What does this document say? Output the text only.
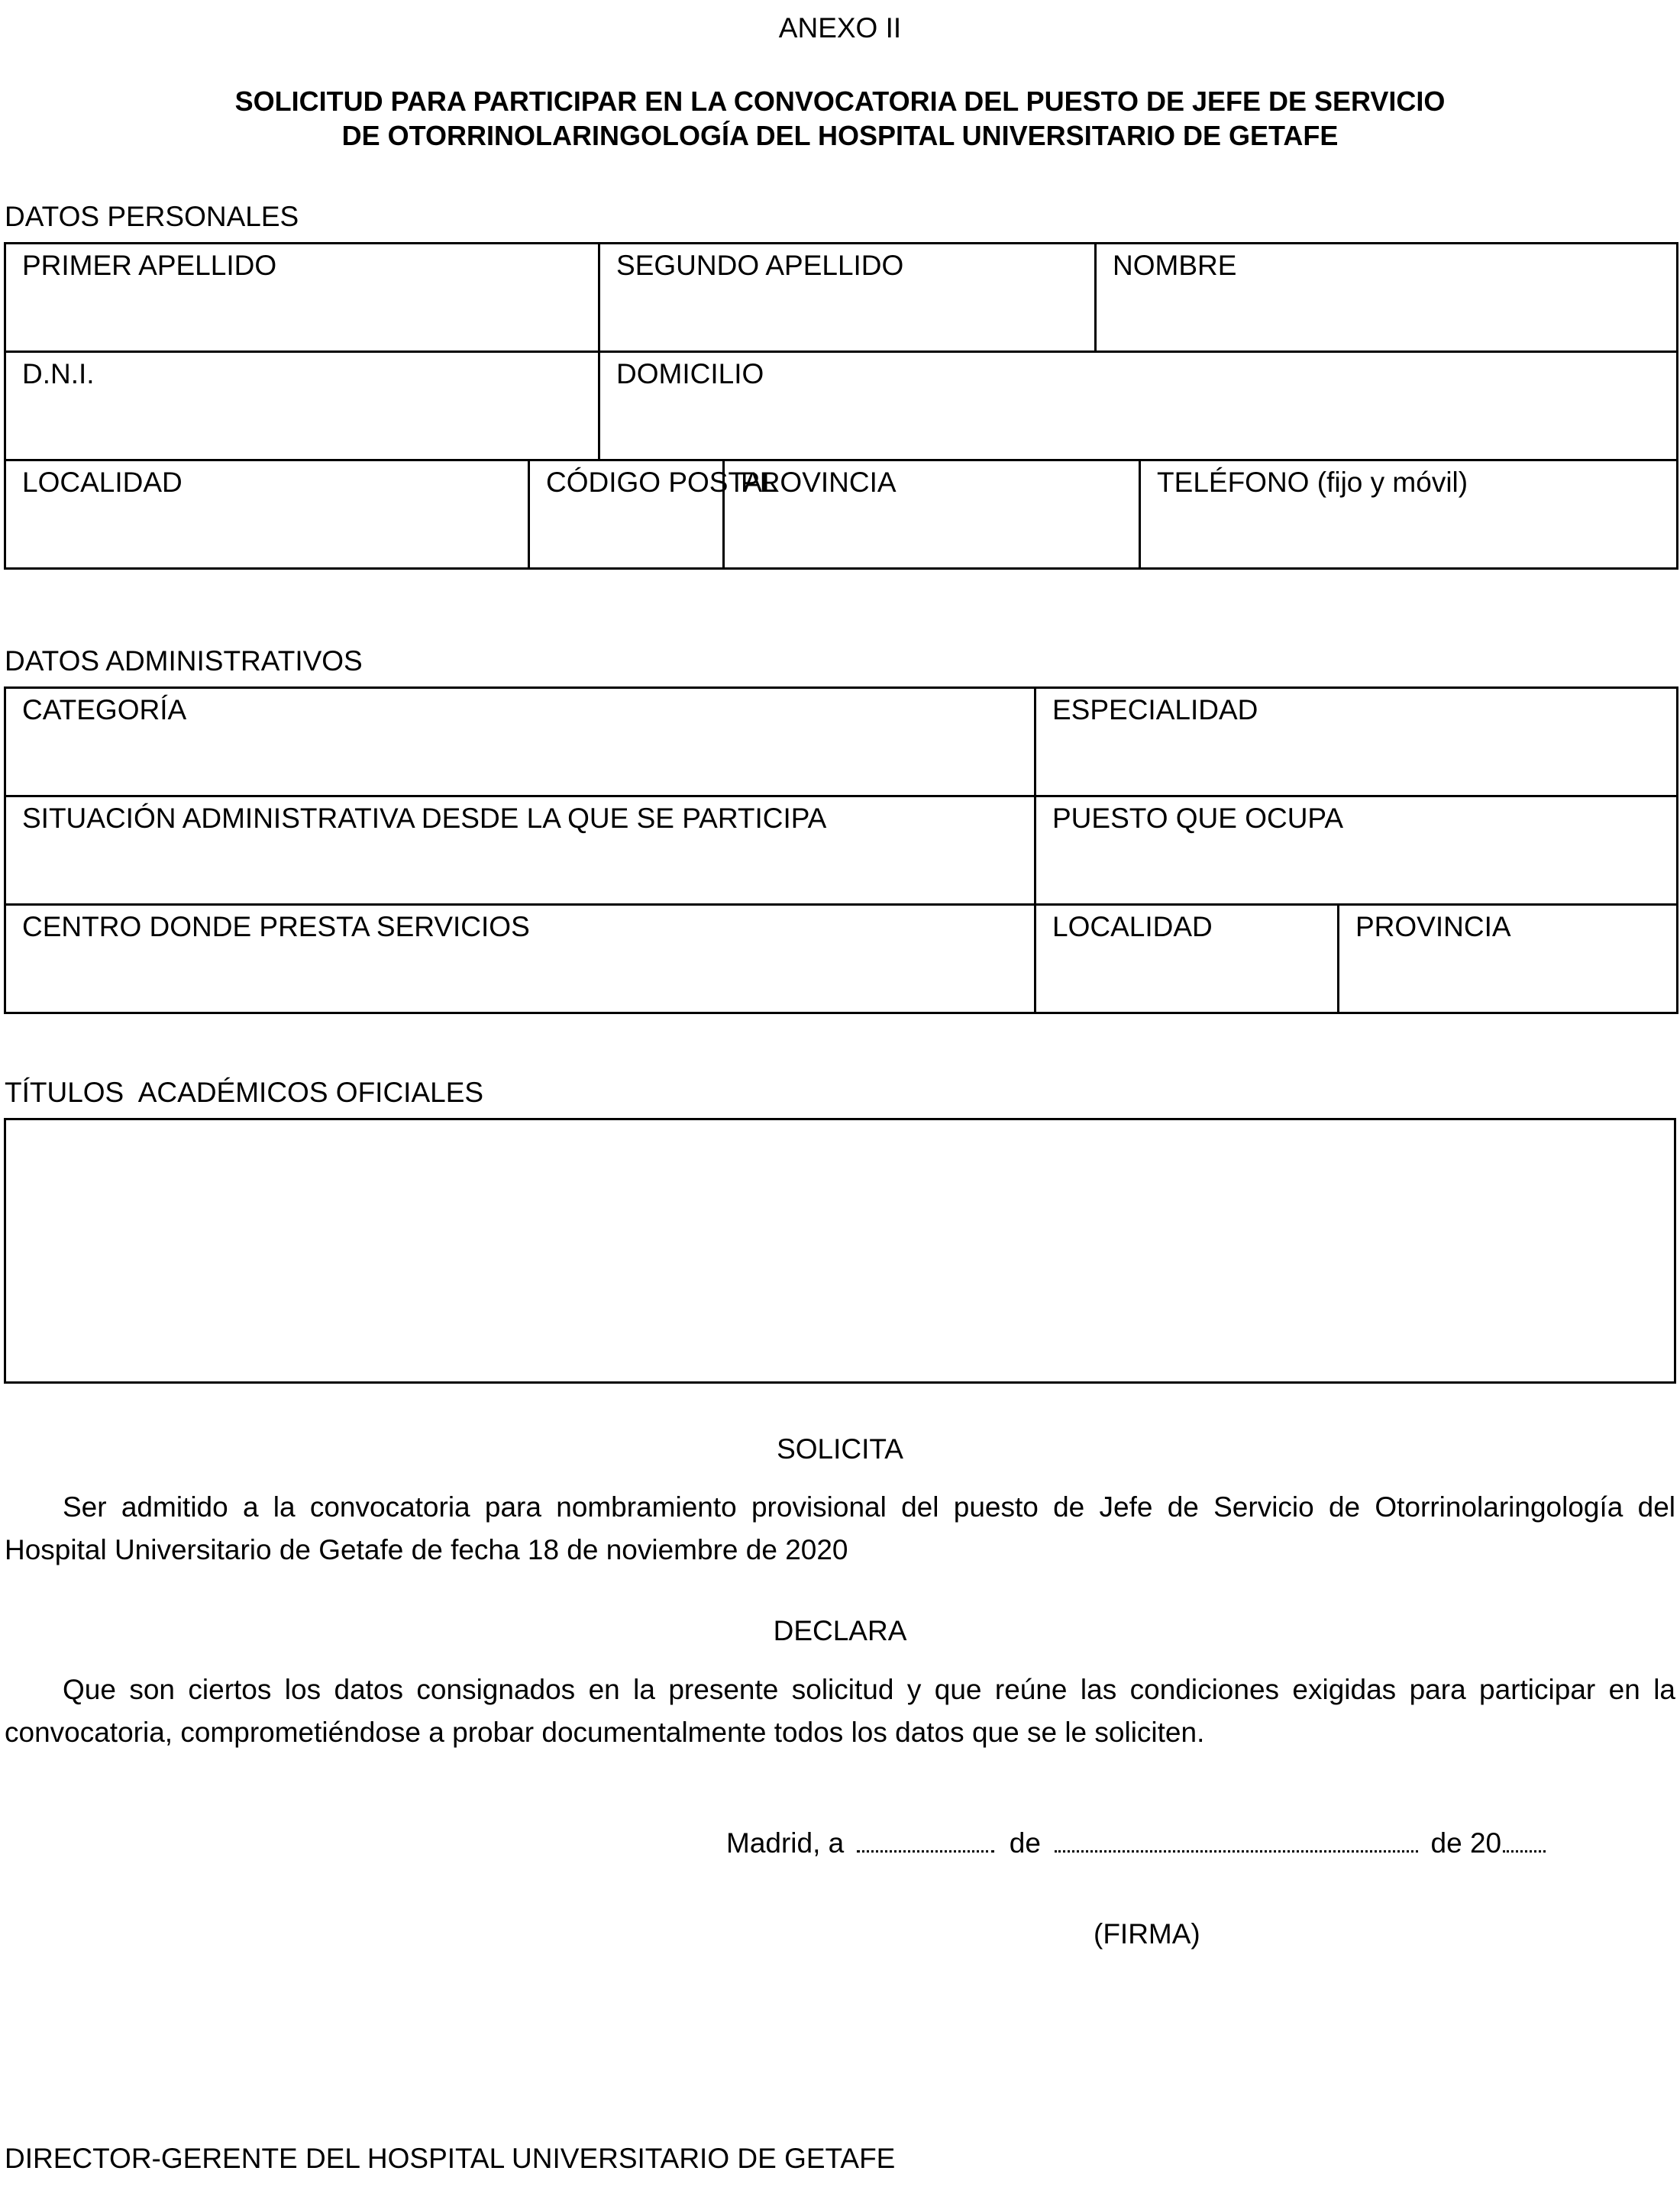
ANEXO II
SOLICITUD PARA PARTICIPAR EN LA CONVOCATORIA DEL PUESTO DE JEFE DE SERVICIO
DE OTORRINOLARINGOLOGÍA DEL HOSPITAL UNIVERSITARIO DE GETAFE
DATOS PERSONALES
PRIMER APELLIDO		SEGUNDO APELLIDO		NOMBRE	
D.N.I.		DOMICILIO			
LOCALIDAD	CÓDIGO POSTAL		PROVINCIA		TELÉFONO (fijo y móvil)
DATOS ADMINISTRATIVOS
CATEGORÍA	ESPECIALIDAD	
SITUACIÓN ADMINISTRATIVA DESDE LA QUE SE PARTICIPA	PUESTO QUE OCUPA	
CENTRO DONDE PRESTA SERVICIOS	LOCALIDAD	PROVINCIA
TÍTULOS  ACADÉMICOS OFICIALES
SOLICITA
Ser admitido a la convocatoria para nombramiento provisional del puesto de Jefe de Servicio de Otorrinolaringología del Hospital Universitario de Getafe de fecha 18 de noviembre de 2020
DECLARA
Que son ciertos los datos consignados en la presente solicitud y que reúne las condiciones exigidas para participar en la convocatoria, comprometiéndose a probar documentalmente todos los datos que se le soliciten.
Madrid, a	de	de 20
(FIRMA)
DIRECTOR-GERENTE DEL HOSPITAL UNIVERSITARIO DE GETAFE
